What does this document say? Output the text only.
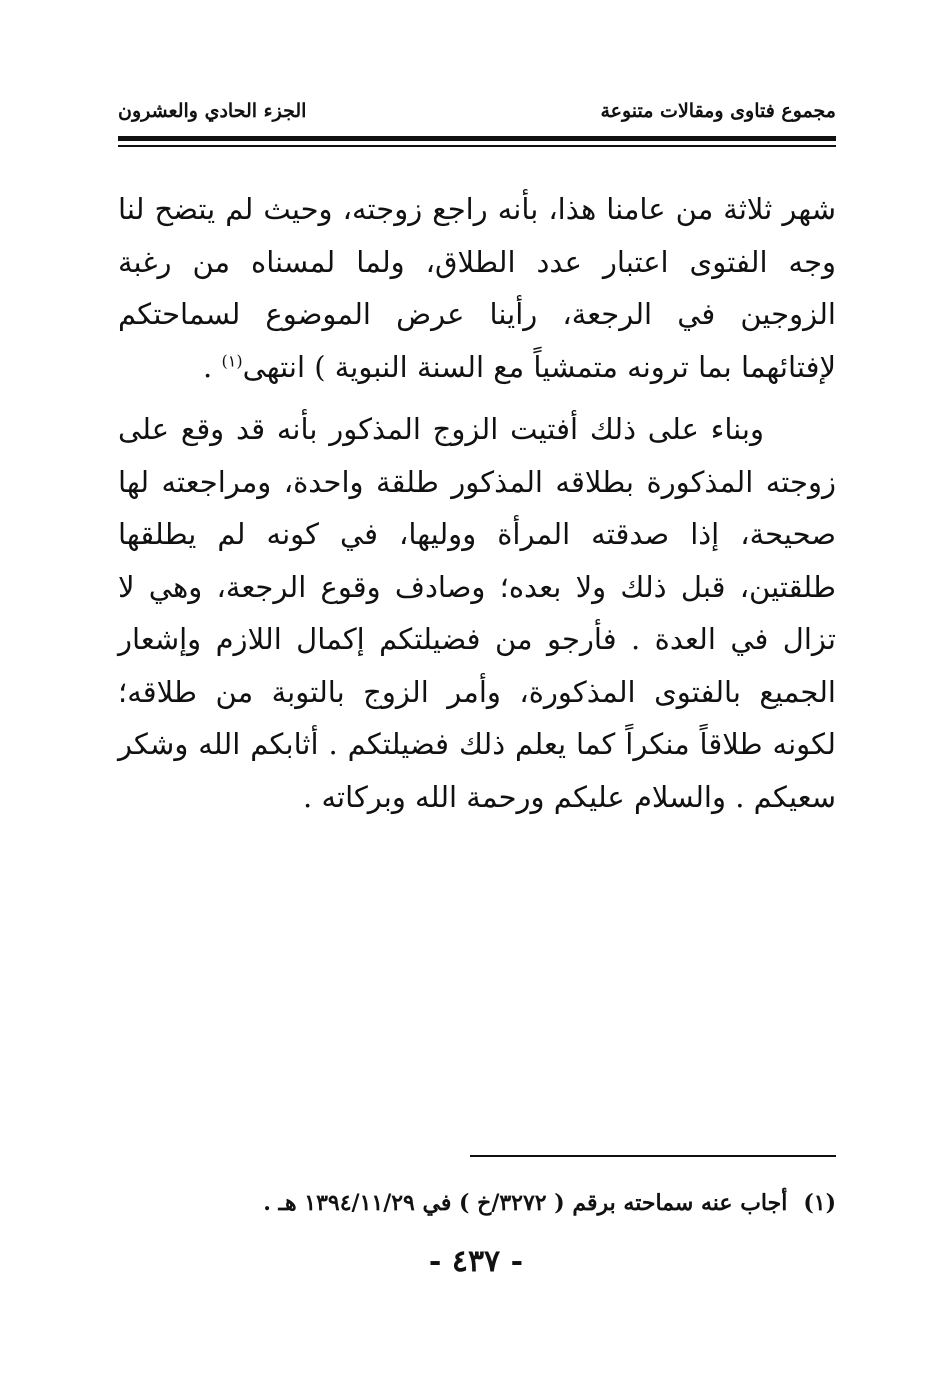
مجموع فتاوى ومقالات متنوعة
الجزء الحادي والعشرون

شهر ثلاثة من عامنا هذا، بأنه راجع زوجته، وحيث لم يتضح لنا وجه الفتوى اعتبار عدد الطلاق، ولما لمسناه من رغبة الزوجين في الرجعة، رأينا عرض الموضوع لسماحتكم لإفتائهما بما ترونه متمشياً مع السنة النبوية ) انتهى$^{(١)}$ .

وبناء على ذلك أفتيت الزوج المذكور بأنه قد وقع على زوجته المذكورة بطلاقه المذكور طلقة واحدة، ومراجعته لها صحيحة، إذا صدقته المرأة ووليها، في كونه لم يطلقها طلقتين، قبل ذلك ولا بعده؛ وصادف وقوع الرجعة، وهي لا تزال في العدة . فأرجو من فضيلتكم إكمال اللازم وإشعار الجميع بالفتوى المذكورة، وأمر الزوج بالتوبة من طلاقه؛ لكونه طلاقاً منكراً كما يعلم ذلك فضيلتكم . أثابكم الله وشكر سعيكم . والسلام عليكم ورحمة الله وبركاته .

(١)أجاب عنه سماحته برقم ( ٣٢٧٢/خ ) في ١٣٩٤/١١/٢٩ هـ .
- ٤٣٧ -
